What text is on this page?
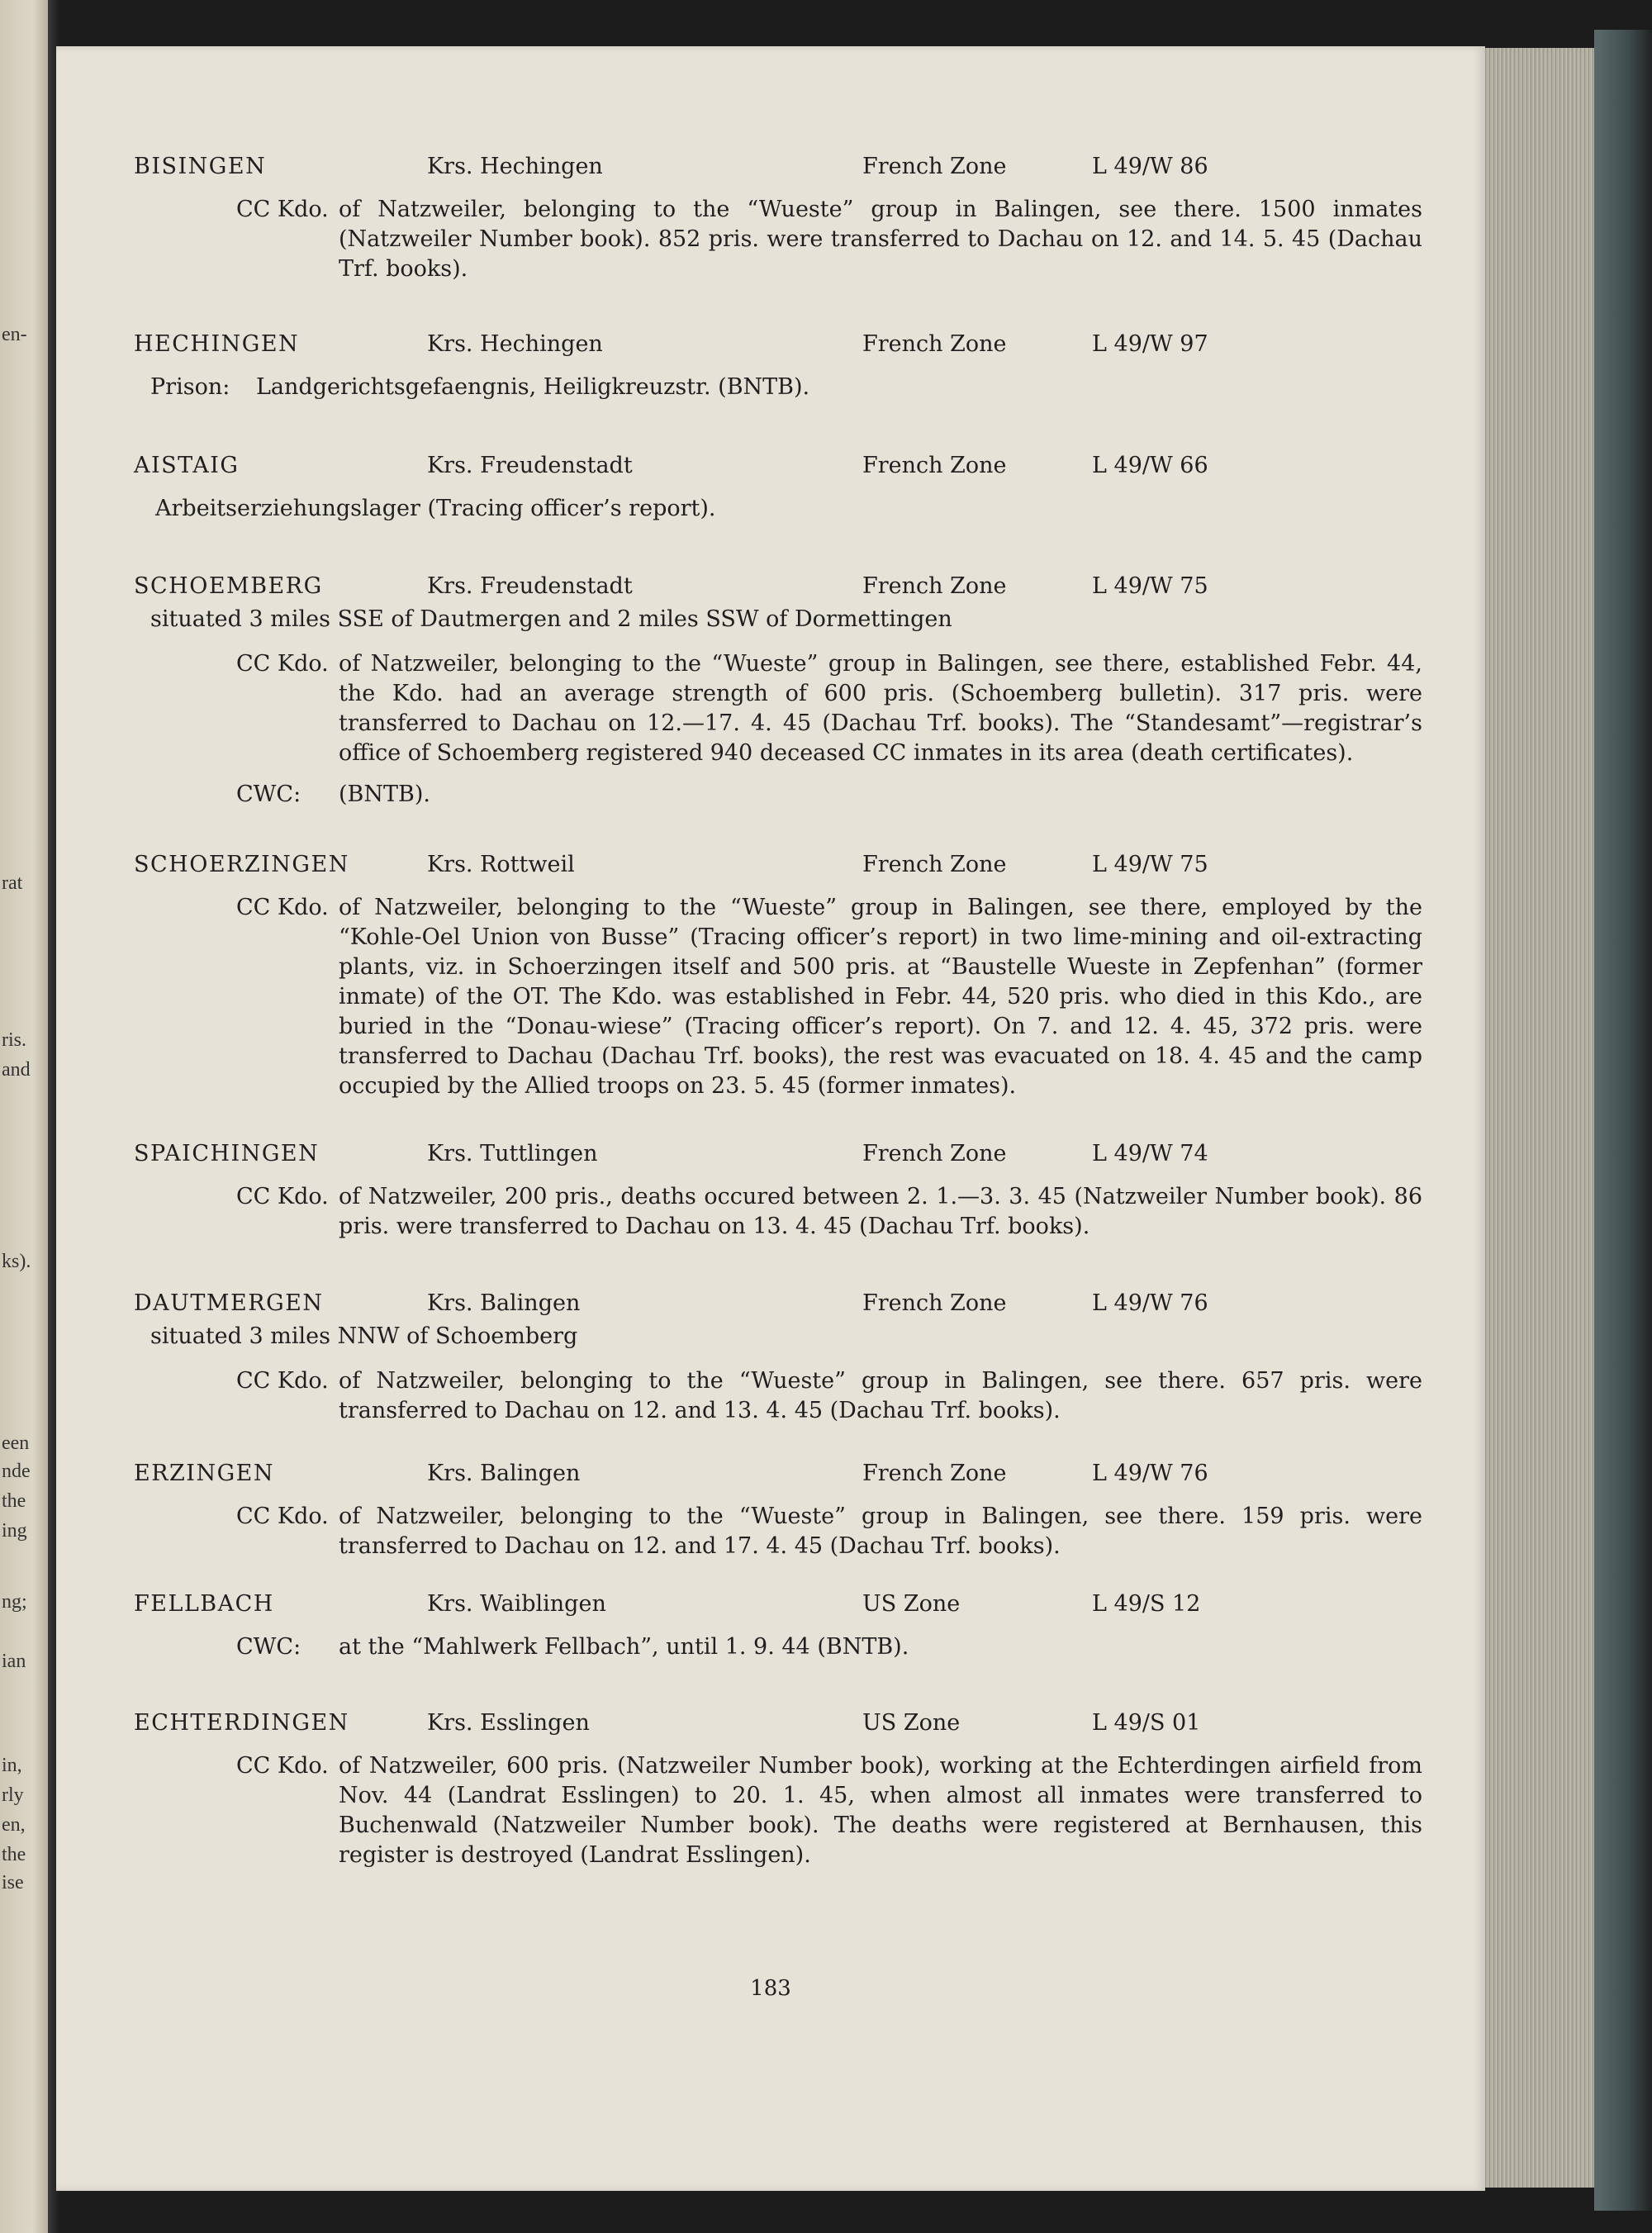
en-
rat
ris.
and
ks).
een
nde
the
ing
ng;
ian
in,
rly
en,
the
ise
BISINGEN	Krs. Hechingen	French Zone	L 49/W 86
CC Kdo. of Natzweiler, belonging to the “Wueste” group in Balingen, see there. 1500 inmates (Natzweiler Number book). 852 pris. were transferred to Dachau on 12. and 14. 5. 45 (Dachau Trf. books).
HECHINGEN	Krs. Hechingen	French Zone	L 49/W 97
Prison: Landgerichtsgefaengnis, Heiligkreuzstr. (BNTB).
AISTAIG	Krs. Freudenstadt	French Zone	L 49/W 66
Arbeitserziehungslager (Tracing officer’s report).
SCHOEMBERG	Krs. Freudenstadt	French Zone	L 49/W 75
situated 3 miles SSE of Dautmergen and 2 miles SSW of Dormettingen
CC Kdo. of Natzweiler, belonging to the “Wueste” group in Balingen, see there, established Febr. 44, the Kdo. had an average strength of 600 pris. (Schoemberg bulletin). 317 pris. were transferred to Dachau on 12.—17. 4. 45 (Dachau Trf. books). The “Standesamt”—registrar’s office of Schoemberg registered 940 deceased CC inmates in its area (death certificates).
CWC: (BNTB).
SCHOERZINGEN	Krs. Rottweil	French Zone	L 49/W 75
CC Kdo. of Natzweiler, belonging to the “Wueste” group in Balingen, see there, employed by the “Kohle-Oel Union von Busse” (Tracing officer’s report) in two lime-mining and oil-extracting plants, viz. in Schoerzingen itself and 500 pris. at “Baustelle Wueste in Zepfenhan” (former inmate) of the OT. The Kdo. was established in Febr. 44, 520 pris. who died in this Kdo., are buried in the “Donau-wiese” (Tracing officer’s report). On 7. and 12. 4. 45, 372 pris. were transferred to Dachau (Dachau Trf. books), the rest was evacuated on 18. 4. 45 and the camp occupied by the Allied troops on 23. 5. 45 (former inmates).
SPAICHINGEN	Krs. Tuttlingen	French Zone	L 49/W 74
CC Kdo. of Natzweiler, 200 pris., deaths occured between 2. 1.—3. 3. 45 (Natzweiler Number book). 86 pris. were transferred to Dachau on 13. 4. 45 (Dachau Trf. books).
DAUTMERGEN	Krs. Balingen	French Zone	L 49/W 76
situated 3 miles NNW of Schoemberg
CC Kdo. of Natzweiler, belonging to the “Wueste” group in Balingen, see there. 657 pris. were transferred to Dachau on 12. and 13. 4. 45 (Dachau Trf. books).
ERZINGEN	Krs. Balingen	French Zone	L 49/W 76
CC Kdo. of Natzweiler, belonging to the “Wueste” group in Balingen, see there. 159 pris. were transferred to Dachau on 12. and 17. 4. 45 (Dachau Trf. books).
FELLBACH	Krs. Waiblingen	US Zone	L 49/S 12
CWC: at the “Mahlwerk Fellbach”, until 1. 9. 44 (BNTB).
ECHTERDINGEN	Krs. Esslingen	US Zone	L 49/S 01
CC Kdo. of Natzweiler, 600 pris. (Natzweiler Number book), working at the Echterdingen airfield from Nov. 44 (Landrat Esslingen) to 20. 1. 45, when almost all inmates were transferred to Buchenwald (Natzweiler Number book). The deaths were registered at Bernhausen, this register is destroyed (Landrat Esslingen).
183
